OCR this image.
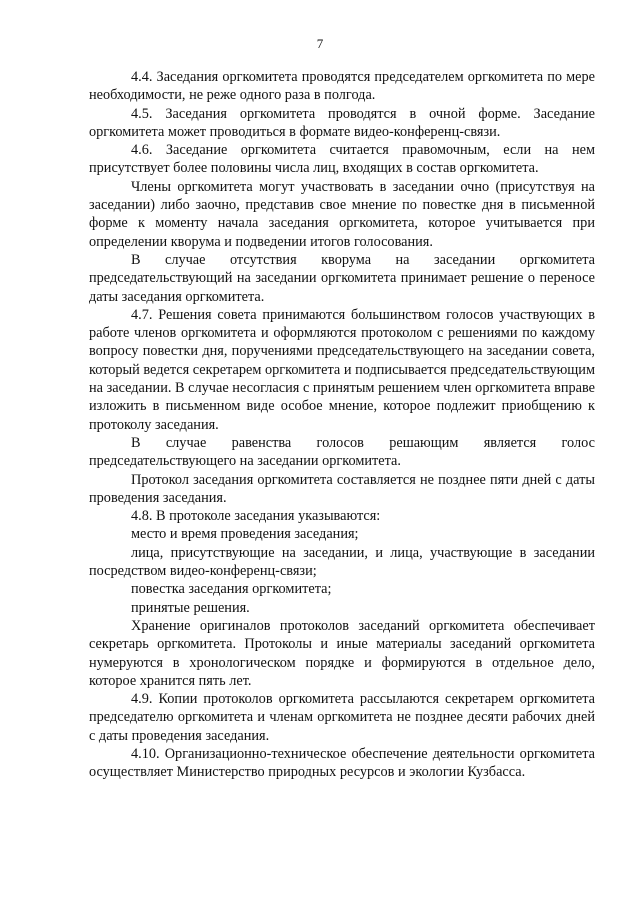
7

4.4. Заседания оргкомитета проводятся председателем оргкомитета по мере необходимости, не реже одного раза в полгода.

4.5. Заседания оргкомитета проводятся в очной форме. Заседание оргкомитета может проводиться в формате видео-конференц-связи.

4.6. Заседание оргкомитета считается правомочным, если на нем присутствует более половины числа лиц, входящих в состав оргкомитета.

Члены оргкомитета могут участвовать в заседании очно (присутствуя на заседании) либо заочно, представив свое мнение по повестке дня в письменной форме к моменту начала заседания оргкомитета, которое учитывается при определении кворума и подведении итогов голосования.

В случае отсутствия кворума на заседании оргкомитета председательствующий на заседании оргкомитета принимает решение о переносе даты заседания оргкомитета.

4.7. Решения совета принимаются большинством голосов участвующих в работе членов оргкомитета и оформляются протоколом с решениями по каждому вопросу повестки дня, поручениями председательствующего на заседании совета, который ведется секретарем оргкомитета и подписывается председательствующим на заседании. В случае несогласия с принятым решением член оргкомитета вправе изложить в письменном виде особое мнение, которое подлежит приобщению к протоколу заседания.

В случае равенства голосов решающим является голос председательствующего на заседании оргкомитета.

Протокол заседания оргкомитета составляется не позднее пяти дней с даты проведения заседания.

4.8. В протоколе заседания указываются:

место и время проведения заседания;

лица, присутствующие на заседании, и лица, участвующие в заседании посредством видео-конференц-связи;

повестка заседания оргкомитета;

принятые решения.

Хранение оригиналов протоколов заседаний оргкомитета обеспечивает секретарь оргкомитета. Протоколы и иные материалы заседаний оргкомитета нумеруются в хронологическом порядке и формируются в отдельное дело, которое хранится пять лет.

4.9. Копии протоколов оргкомитета рассылаются секретарем оргкомитета председателю оргкомитета и членам оргкомитета не позднее десяти рабочих дней с даты проведения заседания.

4.10. Организационно-техническое обеспечение деятельности оргкомитета осуществляет Министерство природных ресурсов и экологии Кузбасса.
